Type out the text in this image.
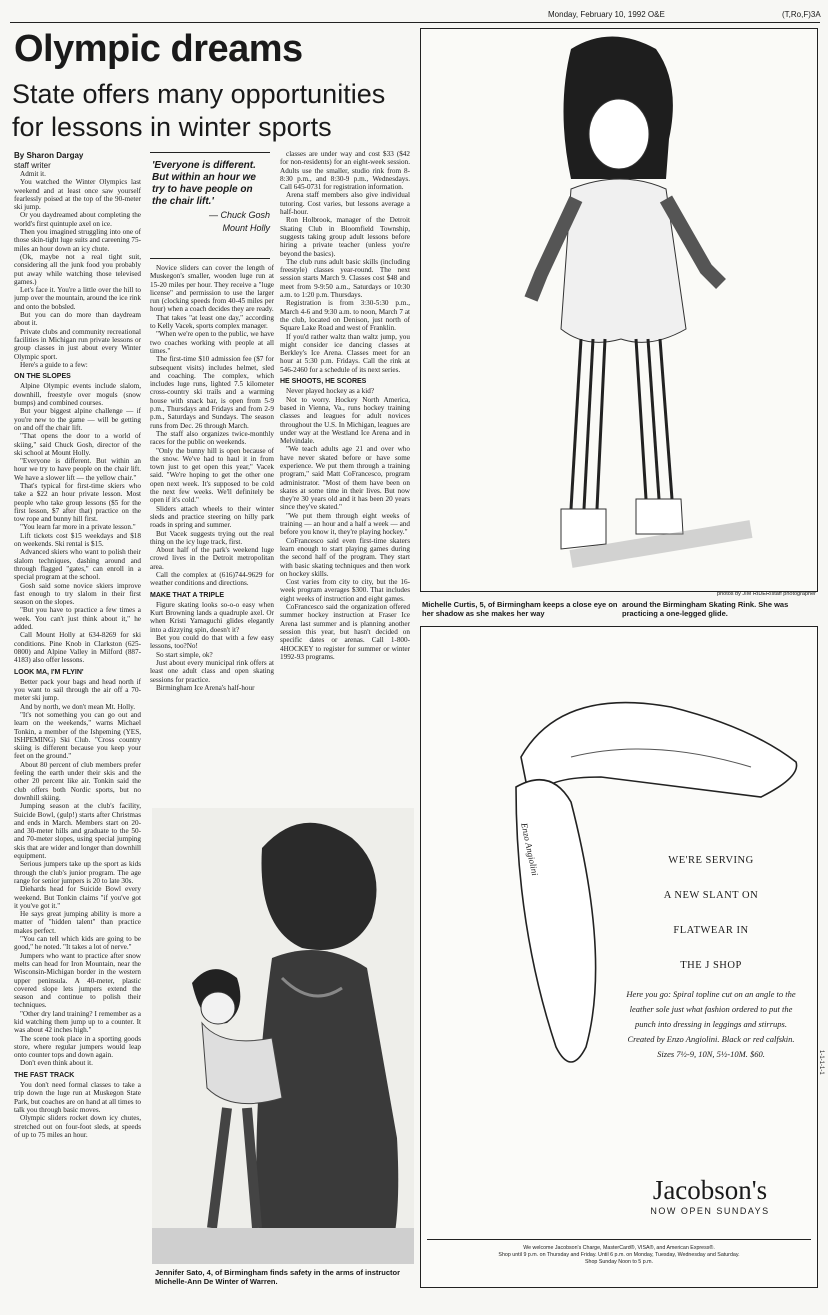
Monday, February 10, 1992 O&E	(T,Ro,F)3A
Olympic dreams
State offers many opportunities for lessons in winter sports
By Sharon Dargay
staff writer	'Everyone is different. But within an hour we try to have people on the chair lift.'
— Chuck Gosh
Mount Holly

Admit it.

You watched the Winter Olympics last weekend and at least once saw yourself fearlessly poised at the top of the 90-meter ski jump.

Or you daydreamed about completing the world's first quintuple axel on ice.

Then you imagined struggling into one of those skin-tight luge suits and careening 75-miles an hour down an icy chute.

(Ok, maybe not a real tight suit, considering all the junk food you probably put away while watching those televised games.)

Let's face it. You're a little over the hill to jump over the mountain, around the ice rink and onto the bobsled.

But you can do more than daydream about it.

Private clubs and community recreational facilities in Michigan run private lessons or group classes in just about every Winter Olympic sport.

Here's a guide to a few:

ON THE SLOPES

Alpine Olympic events include slalom, downhill, freestyle over moguls (snow bumps) and combined courses.

But your biggest alpine challenge — if you're new to the game — will be getting on and off the chair lift.

"That opens the door to a world of skiing," said Chuck Gosh, director of the ski school at Mount Holly.

"Everyone is different. But within an hour we try to have people on the chair lift. We have a slower lift — the yellow chair."

That's typical for first-time skiers who take a $22 an hour private lesson. Most people who take group lessons ($5 for the first lesson, $7 after that) practice on the tow rope and bunny hill first.

"You learn far more in a private lesson."

Lift tickets cost $15 weekdays and $18 on weekends. Ski rental is $15.

Advanced skiers who want to polish their slalom techniques, dashing around and through flagged "gates," can enroll in a special program at the school.

Gosh said some novice skiers improve fast enough to try slalom in their first season on the slopes.

"But you have to practice a few times a week. You can't just think about it," he added.

Call Mount Holly at 634-8269 for ski conditions. Pine Knob in Clarkston (625-0800) and Alpine Valley in Milford (887-4183) also offer lessons.

LOOK MA, I'M FLYIN'

Better pack your bags and head north if you want to sail through the air off a 70-meter ski jump.

And by north, we don't mean Mt. Holly.

"It's not something you can go out and learn on the weekends," warns Michael Tonkin, a member of the Ishpeming (YES, ISHPEMING) Ski Club. "Cross country skiing is different because you keep your feet on the ground."

About 80 percent of club members prefer feeling the earth under their skis and the other 20 percent like air. Tonkin said the club offers both Nordic sports, but no downhill skiing.

Jumping season at the club's facility, Suicide Bowl, (gulp!) starts after Christmas and ends in March. Members start on 20- and 30-meter hills and graduate to the 50- and 70-meter slopes, using special jumping skis that are wider and longer than downhill equipment.

Serious jumpers take up the sport as kids through the club's junior program. The age range for senior jumpers is 20 to late 30s.

Diehards head for Suicide Bowl every weekend. But Tonkin claims "if you've got it you've got it."

He says great jumping ability is more a matter of "hidden talent" than practice makes perfect.

"You can tell which kids are going to be good," he noted. "It takes a lot of nerve."

Jumpers who want to practice after snow melts can head for Iron Mountain, near the Wisconsin-Michigan border in the western upper peninsula. A 40-meter, plastic covered slope lets jumpers extend the season and continue to polish their techniques.

"Other dry land training? I remember as a kid watching them jump up to a counter. It was about 42 inches high."

The scene took place in a sporting goods store, where regular jumpers would leap onto counter tops and down again.

Don't even think about it.

THE FAST TRACK

You don't need formal classes to take a trip down the luge run at Muskegon State Park, but coaches are on hand at all times to talk you through basic moves.

Olympic sliders rocket down icy chutes, stretched out on four-foot sleds, at speeds of up to 75 miles an hour.

Novice sliders can cover the length of Muskegon's smaller, wooden luge run at 15-20 miles per hour. They receive a "luge license" and permission to use the larger run (clocking speeds from 40-45 miles per hour) when a coach decides they are ready.

That takes "at least one day," according to Kelly Vacek, sports complex manager.

"When we're open to the public, we have two coaches working with people at all times."

The first-time $10 admission fee ($7 for subsequent visits) includes helmet, sled and coaching. The complex, which includes luge runs, lighted 7.5 kilometer cross-country ski trails and a warming house with snack bar, is open from 5-9 p.m., Thursdays and Fridays and from 2-9 p.m., Saturdays and Sundays. The season runs from Dec. 26 through March.

The staff also organizes twice-monthly races for the public on weekends.

"Only the bunny hill is open because of the snow. We've had to haul it in from town just to get open this year," Vacek said. "We're hoping to get the other one open next week. It's supposed to be cold the next few weeks. We'll definitely be open if it's cold."

Sliders attach wheels to their winter sleds and practice steering on hilly park roads in spring and summer.

But Vacek suggests trying out the real thing on the icy luge track, first.

About half of the park's weekend luge crowd lives in the Detroit metropolitan area.

Call the complex at (616)744-9629 for weather conditions and directions.

MAKE THAT A TRIPLE

Figure skating looks so-o-o easy when Kurt Browning lands a quadruple axel. Or when Kristi Yamaguchi glides elegantly into a dizzying spin, doesn't it?

Bet you could do that with a few easy lessons, too?No!

So start simple, ok?

Just about every municipal rink offers at least one adult class and open skating sessions for practice.

Birmingham Ice Arena's half-hour

classes are under way and cost $33 ($42 for non-residents) for an eight-week session. Adults use the smaller, studio rink from 8-8:30 p.m., and 8:30-9 p.m., Wednesdays. Call 645-0731 for registration information.

Arena staff members also give individual tutoring. Cost varies, but lessons average a half-hour.

Ron Holbrook, manager of the Detroit Skating Club in Bloomfield Township, suggests taking group adult lessons before hiring a private teacher (unless you're beyond the basics).

The club runs adult basic skills (including freestyle) classes year-round. The next session starts March 9. Classes cost $48 and meet from 9-9:50 a.m., Saturdays or 10:30 a.m. to 1:20 p.m. Thursdays.

Registration is from 3:30-5:30 p.m., March 4-6 and 9:30 a.m. to noon, March 7 at the club, located on Denison, just north of Square Lake Road and west of Franklin.

If you'd rather waltz than waltz jump, you might consider ice dancing classes at Berkley's Ice Arena. Classes meet for an hour at 5:30 p.m. Fridays. Call the rink at 546-2460 for a schedule of its next series.

HE SHOOTS, HE SCORES

Never played hockey as a kid?

Not to worry. Hockey North America, based in Vienna, Va., runs hockey training classes and leagues for adult novices throughout the U.S. In Michigan, leagues are under way at the Westland Ice Arena and in Melvindale.

"We teach adults age 21 and over who have never skated before or have some experience. We put them through a training program," said Matt CoFrancesco, program administrator. "Most of them have been on skates at some time in their lives. But now they're 30 years old and it has been 20 years since they've skated."

"We put them through eight weeks of training — an hour and a half a week — and before you know it, they're playing hockey."

CoFrancesco said even first-time skaters learn enough to start playing games during the second half of the program. They start with basic skating techniques and then work on hockey skills.

Cost varies from city to city, but the 16-week program averages $300. That includes eight weeks of instruction and eight games.

CoFrancesco said the organization offered summer hockey instruction at Fraser Ice Arena last summer and is planning another session this year, but hasn't decided on specific dates or arenas. Call 1-800-4HOCKEY to register for summer or winter 1992-93 programs.

Jennifer Sato, 4, of Birmingham finds safety in the arms of instructor Michelle-Ann De Winter of Warren.
photos by JIM RIDER/staff photographer
Michelle Curtis, 5, of Birmingham keeps a close eye on her shadow as she makes her way
around the Birmingham Skating Rink. She was practicing a one-legged glide.
Enzo Angiolini	WE'RE SERVING
A NEW SLANT ON
FLATWEAR IN
THE J SHOP
Here you go: Spiral topline cut on an angle to the leather sole just what fashion ordered to put the punch into dressing in leggings and stirrups. Created by Enzo Angiolini. Black or red calfskin. Sizes 7½-9, 10N, 5½-10M. $60.
Jacobson's
NOW OPEN SUNDAYS
We welcome Jacobson's Charge, MasterCard®, VISA®, and American Express®.
Shop until 9 p.m. on Thursday and Friday. Until 6 p.m. on Monday, Tuesday, Wednesday and Saturday.
Shop Sunday Noon to 5 p.m.
1-1-1-1-1
